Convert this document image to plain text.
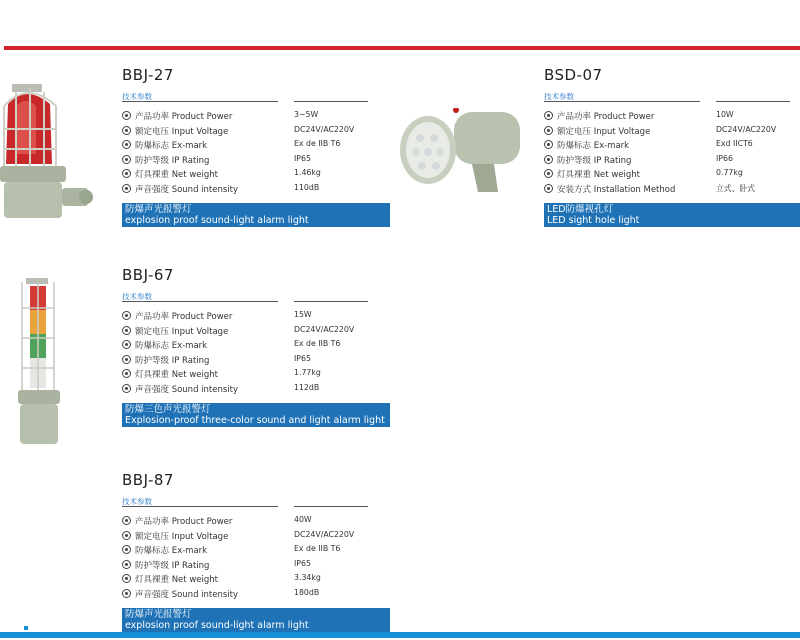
BBJ-27
技术参数
产品功率 Product Power	3~5W
额定电压 Input Voltage	DC24V/AC220V
防爆标志 Ex-mark	Ex de IIB T6
防护等级 IP Rating	IP65
灯具裸重 Net weight	1.46kg
声音强度 Sound intensity	110dB
防爆声光报警灯
explosion proof sound-light alarm light
BSD-07
技术参数
产品功率 Product Power	10W
额定电压 Input Voltage	DC24V/AC220V
防爆标志 Ex-mark	Exd IICT6
防护等级 IP Rating	IP66
灯具裸重 Net weight	0.77kg
安装方式 Installation Method	立式、卧式
LED防爆视孔灯
LED sight hole light
BBJ-67
技术参数
产品功率 Product Power	15W
额定电压 Input Voltage	DC24V/AC220V
防爆标志 Ex-mark	Ex de IIB T6
防护等级 IP Rating	IP65
灯具裸重 Net weight	1.77kg
声音强度 Sound intensity	112dB
防爆三色声光报警灯
Explosion-proof three-color sound and light alarm light
BBJ-87
技术参数
产品功率 Product Power	40W
额定电压 Input Voltage	DC24V/AC220V
防爆标志 Ex-mark	Ex de IIB T6
防护等级 IP Rating	IP65
灯具裸重 Net weight	3.34kg
声音强度 Sound intensity	180dB
防爆声光报警灯
explosion proof sound-light alarm light
